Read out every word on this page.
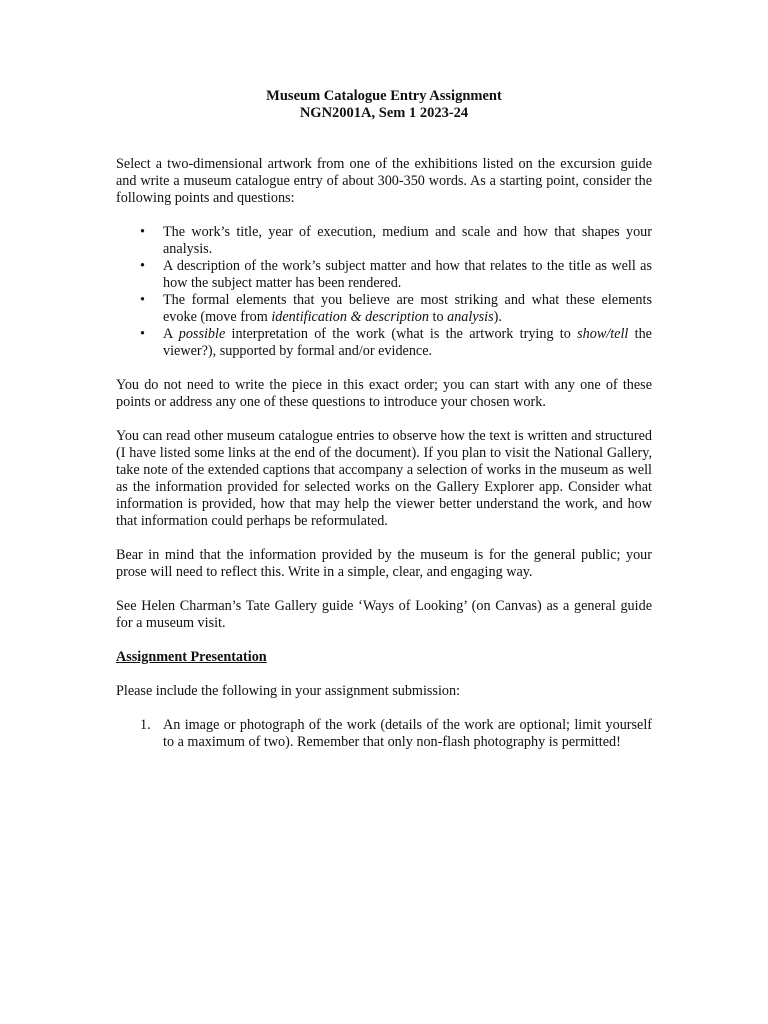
Museum Catalogue Entry Assignment
NGN2001A, Sem 1 2023-24

Select a two-dimensional artwork from one of the exhibitions listed on the excursion guide and write a museum catalogue entry of about 300-350 words. As a starting point, consider the following points and questions:

• The work’s title, year of execution, medium and scale and how that shapes your analysis.
• A description of the work’s subject matter and how that relates to the title as well as how the subject matter has been rendered.
• The formal elements that you believe are most striking and what these elements evoke (move from identification & description to analysis).
• A possible interpretation of the work (what is the artwork trying to show/tell the viewer?), supported by formal and/or evidence.

You do not need to write the piece in this exact order; you can start with any one of these points or address any one of these questions to introduce your chosen work.

You can read other museum catalogue entries to observe how the text is written and structured (I have listed some links at the end of the document). If you plan to visit the National Gallery, take note of the extended captions that accompany a selection of works in the museum as well as the information provided for selected works on the Gallery Explorer app. Consider what information is provided, how that may help the viewer better understand the work, and how that information could perhaps be reformulated.

Bear in mind that the information provided by the museum is for the general public; your prose will need to reflect this. Write in a simple, clear, and engaging way.

See Helen Charman’s Tate Gallery guide ‘Ways of Looking’ (on Canvas) as a general guide for a museum visit.

Assignment Presentation

Please include the following in your assignment submission:

1. An image or photograph of the work (details of the work are optional; limit yourself to a maximum of two). Remember that only non-flash photography is permitted!
